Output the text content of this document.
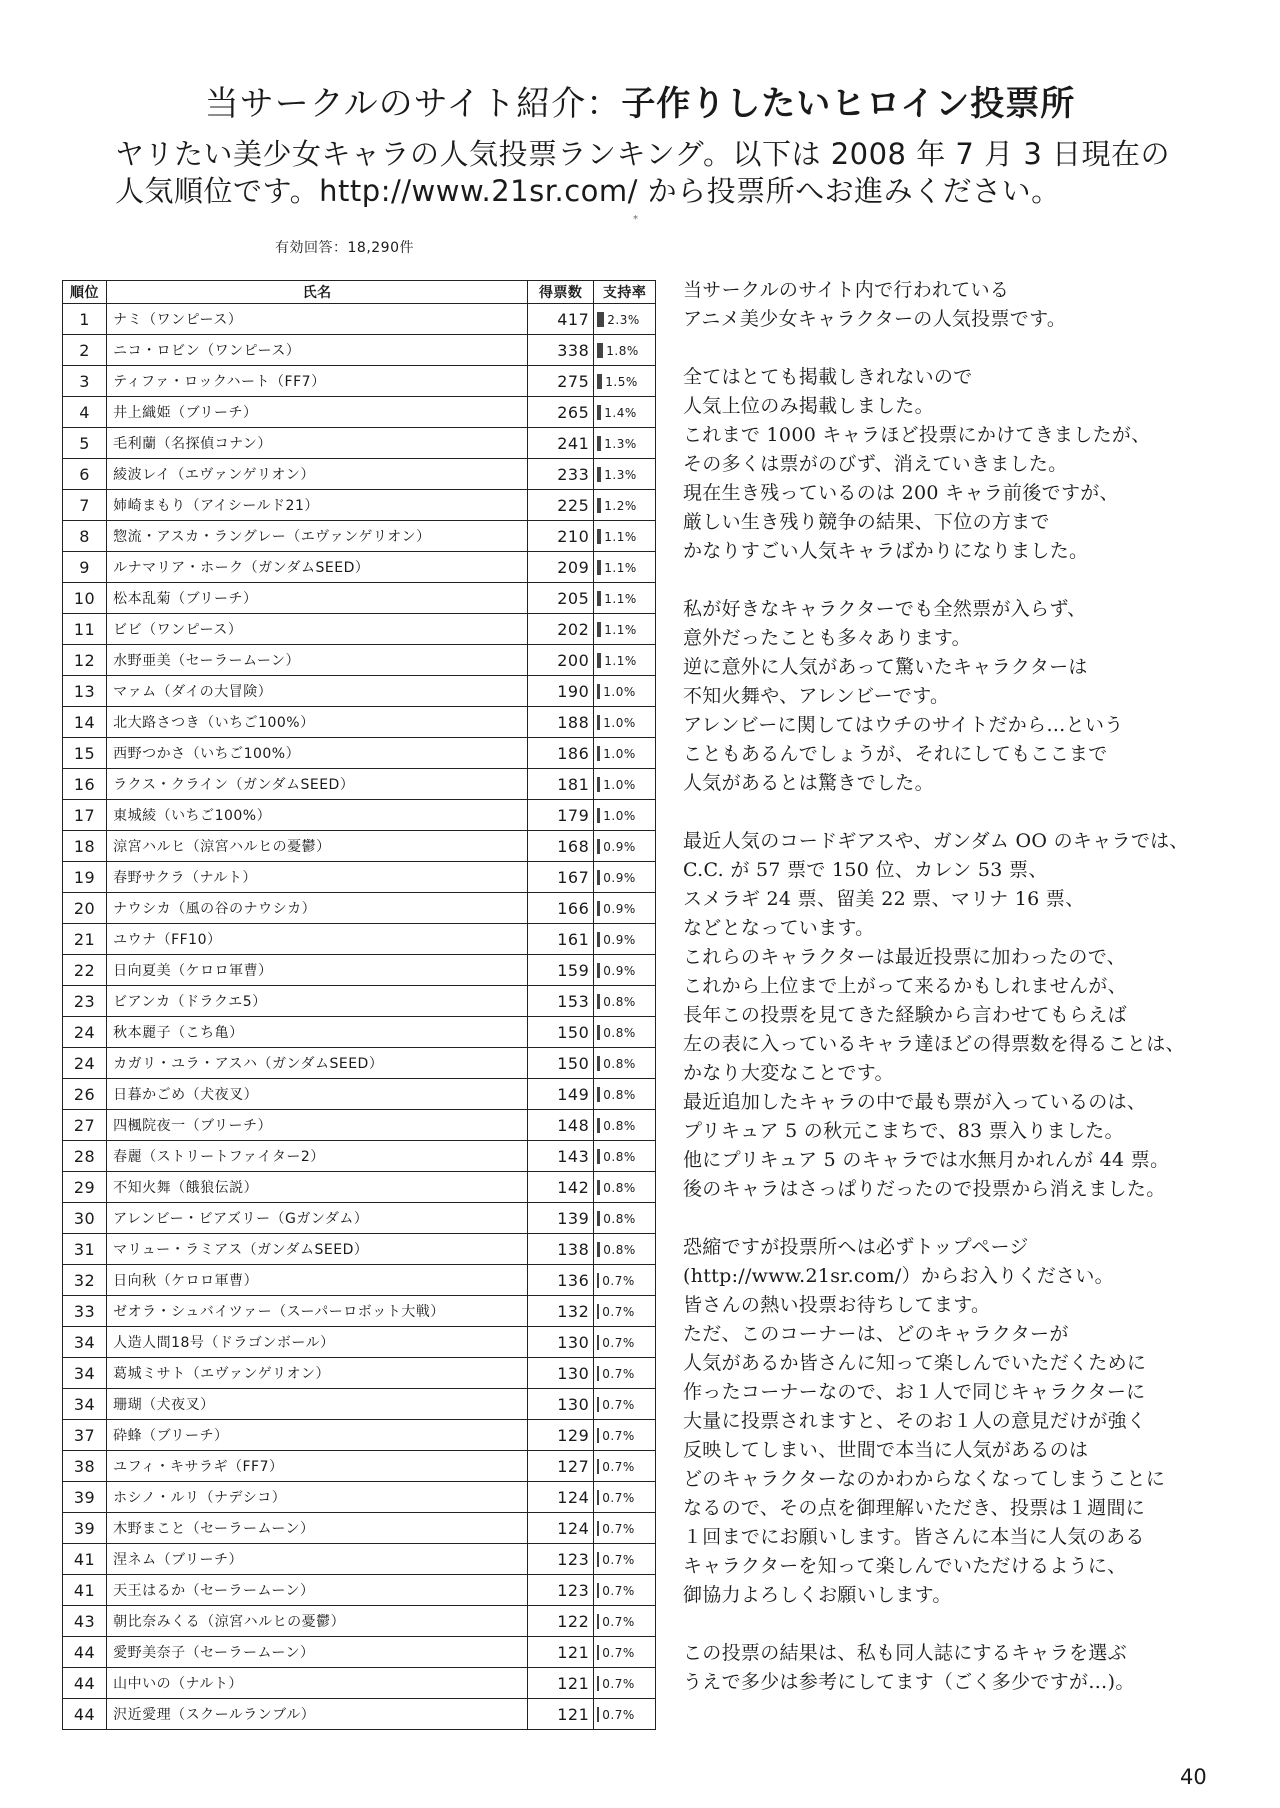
当サークルのサイト紹介：子作りしたいヒロイン投票所
ヤリたい美少女キャラの人気投票ランキング。以下は 2008 年 7 月 3 日現在の
人気順位です。http://www.21sr.com/ から投票所へお進みください。
*
有効回答：18,290件
順位	氏名	得票数	支持率
1	ナミ（ワンピース）	417	2.3%
2	ニコ・ロビン（ワンピース）	338	1.8%
3	ティファ・ロックハート（FF7）	275	1.5%
4	井上織姫（ブリーチ）	265	1.4%
5	毛利蘭（名探偵コナン）	241	1.3%
6	綾波レイ（エヴァンゲリオン）	233	1.3%
7	姉崎まもり（アイシールド21）	225	1.2%
8	惣流・アスカ・ラングレー（エヴァンゲリオン）	210	1.1%
9	ルナマリア・ホーク（ガンダムSEED）	209	1.1%
10	松本乱菊（ブリーチ）	205	1.1%
11	ビビ（ワンピース）	202	1.1%
12	水野亜美（セーラームーン）	200	1.1%
13	マァム（ダイの大冒険）	190	1.0%
14	北大路さつき（いちご100%）	188	1.0%
15	西野つかさ（いちご100%）	186	1.0%
16	ラクス・クライン（ガンダムSEED）	181	1.0%
17	東城綾（いちご100%）	179	1.0%
18	涼宮ハルヒ（涼宮ハルヒの憂鬱）	168	0.9%
19	春野サクラ（ナルト）	167	0.9%
20	ナウシカ（風の谷のナウシカ）	166	0.9%
21	ユウナ（FF10）	161	0.9%
22	日向夏美（ケロロ軍曹）	159	0.9%
23	ビアンカ（ドラクエ5）	153	0.8%
24	秋本麗子（こち亀）	150	0.8%
24	カガリ・ユラ・アスハ（ガンダムSEED）	150	0.8%
26	日暮かごめ（犬夜叉）	149	0.8%
27	四楓院夜一（ブリーチ）	148	0.8%
28	春麗（ストリートファイター2）	143	0.8%
29	不知火舞（餓狼伝説）	142	0.8%
30	アレンビー・ビアズリー（Gガンダム）	139	0.8%
31	マリュー・ラミアス（ガンダムSEED）	138	0.8%
32	日向秋（ケロロ軍曹）	136	0.7%
33	ゼオラ・シュバイツァー（スーパーロボット大戦）	132	0.7%
34	人造人間18号（ドラゴンボール）	130	0.7%
34	葛城ミサト（エヴァンゲリオン）	130	0.7%
34	珊瑚（犬夜叉）	130	0.7%
37	砕蜂（ブリーチ）	129	0.7%
38	ユフィ・キサラギ（FF7）	127	0.7%
39	ホシノ・ルリ（ナデシコ）	124	0.7%
39	木野まこと（セーラームーン）	124	0.7%
41	涅ネム（ブリーチ）	123	0.7%
41	天王はるか（セーラームーン）	123	0.7%
43	朝比奈みくる（涼宮ハルヒの憂鬱）	122	0.7%
44	愛野美奈子（セーラームーン）	121	0.7%
44	山中いの（ナルト）	121	0.7%
44	沢近愛理（スクールランブル）	121	0.7%
当サークルのサイト内で行われている
アニメ美少女キャラクターの人気投票です。
全てはとても掲載しきれないので
人気上位のみ掲載しました。
これまで 1000 キャラほど投票にかけてきましたが、
その多くは票がのびず、消えていきました。
現在生き残っているのは 200 キャラ前後ですが、
厳しい生き残り競争の結果、下位の方まで
かなりすごい人気キャラばかりになりました。
私が好きなキャラクターでも全然票が入らず、
意外だったことも多々あります。
逆に意外に人気があって驚いたキャラクターは
不知火舞や、アレンビーです。
アレンビーに関してはウチのサイトだから…という
こともあるんでしょうが、それにしてもここまで
人気があるとは驚きでした。
最近人気のコードギアスや、ガンダム OO のキャラでは、
C.C. が 57 票で 150 位、カレン 53 票、
スメラギ 24 票、留美 22 票、マリナ 16 票、
などとなっています。
これらのキャラクターは最近投票に加わったので、
これから上位まで上がって来るかもしれませんが、
長年この投票を見てきた経験から言わせてもらえば
左の表に入っているキャラ達ほどの得票数を得ることは、
かなり大変なことです。
最近追加したキャラの中で最も票が入っているのは、
プリキュア 5 の秋元こまちで、83 票入りました。
他にプリキュア 5 のキャラでは水無月かれんが 44 票。
後のキャラはさっぱりだったので投票から消えました。
恐縮ですが投票所へは必ずトップページ
(http://www.21sr.com/）からお入りください。
皆さんの熱い投票お待ちしてます。
ただ、このコーナーは、どのキャラクターが
人気があるか皆さんに知って楽しんでいただくために
作ったコーナーなので、お１人で同じキャラクターに
大量に投票されますと、そのお１人の意見だけが強く
反映してしまい、世間で本当に人気があるのは
どのキャラクターなのかわからなくなってしまうことに
なるので、その点を御理解いただき、投票は１週間に
１回までにお願いします。皆さんに本当に人気のある
キャラクターを知って楽しんでいただけるように、
御協力よろしくお願いします。
この投票の結果は、私も同人誌にするキャラを選ぶ
うえで多少は参考にしてます（ごく多少ですが…)。
40
